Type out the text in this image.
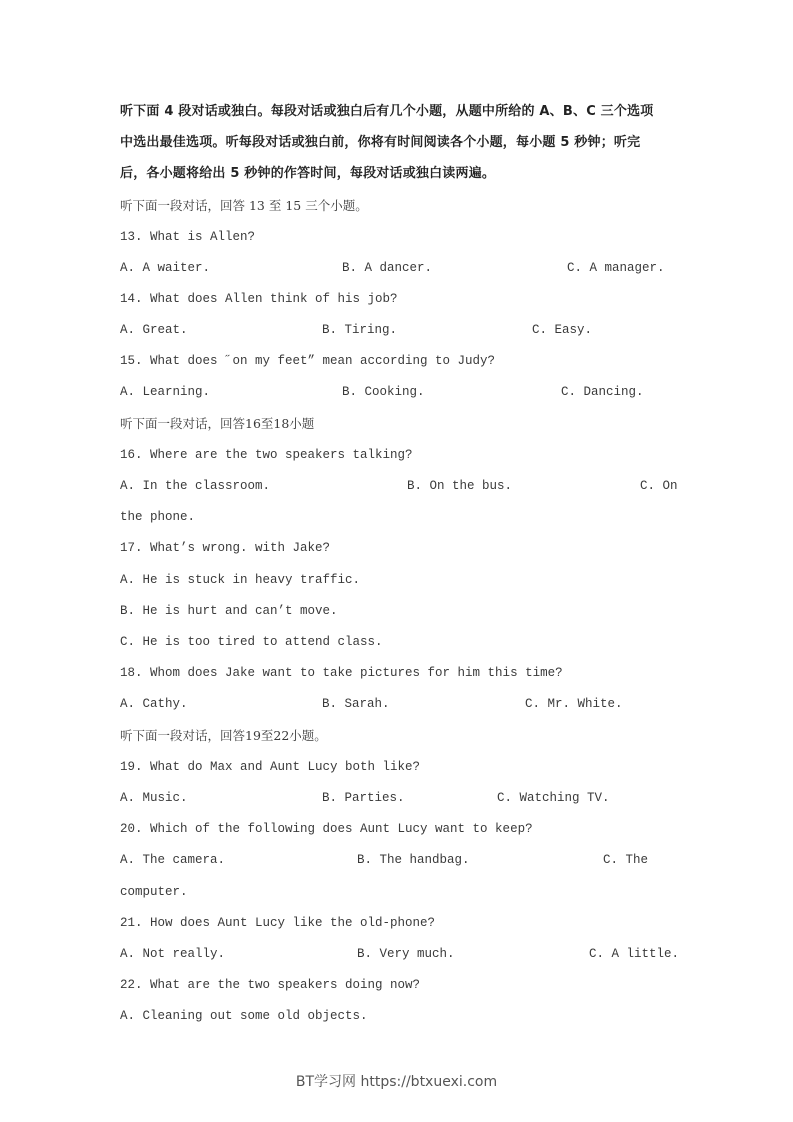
听下面 4 段对话或独白。每段对话或独白后有几个小题，从题中所给的 A、B、C 三个选项
中选出最佳选项。听每段对话或独白前，你将有时间阅读各个小题，每小题 5 秒钟；听完
后，各小题将给出 5 秒钟的作答时间，每段对话或独白读两遍。
听下面一段对话，回答 13 至 15 三个小题。
13. What is Allen?
A. A waiter.	B. A dancer.	C. A manager.
14. What does Allen think of his job?
A. Great.	B. Tiring.	C. Easy.
15. What does ˝on my feet” mean according to Judy?
A. Learning.	B. Cooking.	C. Dancing.
听下面一段对话，回答16至18小题
16. Where are the two speakers talking?
A. In the classroom.	B. On the bus.	C. On
the phone.
17. What’s wrong. with Jake?
A. He is stuck in heavy traffic.
B. He is hurt and can’t move.
C. He is too tired to attend class.
18. Whom does Jake want to take pictures for him this time?
A. Cathy.	B. Sarah.	C. Mr. White.
听下面一段对话，回答19至22小题。
19. What do Max and Aunt Lucy both like?
A. Music.	B. Parties.	C. Watching TV.
20. Which of the following does Aunt Lucy want to keep?
A. The camera.	B. The handbag.	C. The
computer.
21. How does Aunt Lucy like the old-phone?
A. Not really.	B. Very much.	C. A little.
22. What are the two speakers doing now?
A. Cleaning out some old objects.
BT学习网 https://btxuexi.com
